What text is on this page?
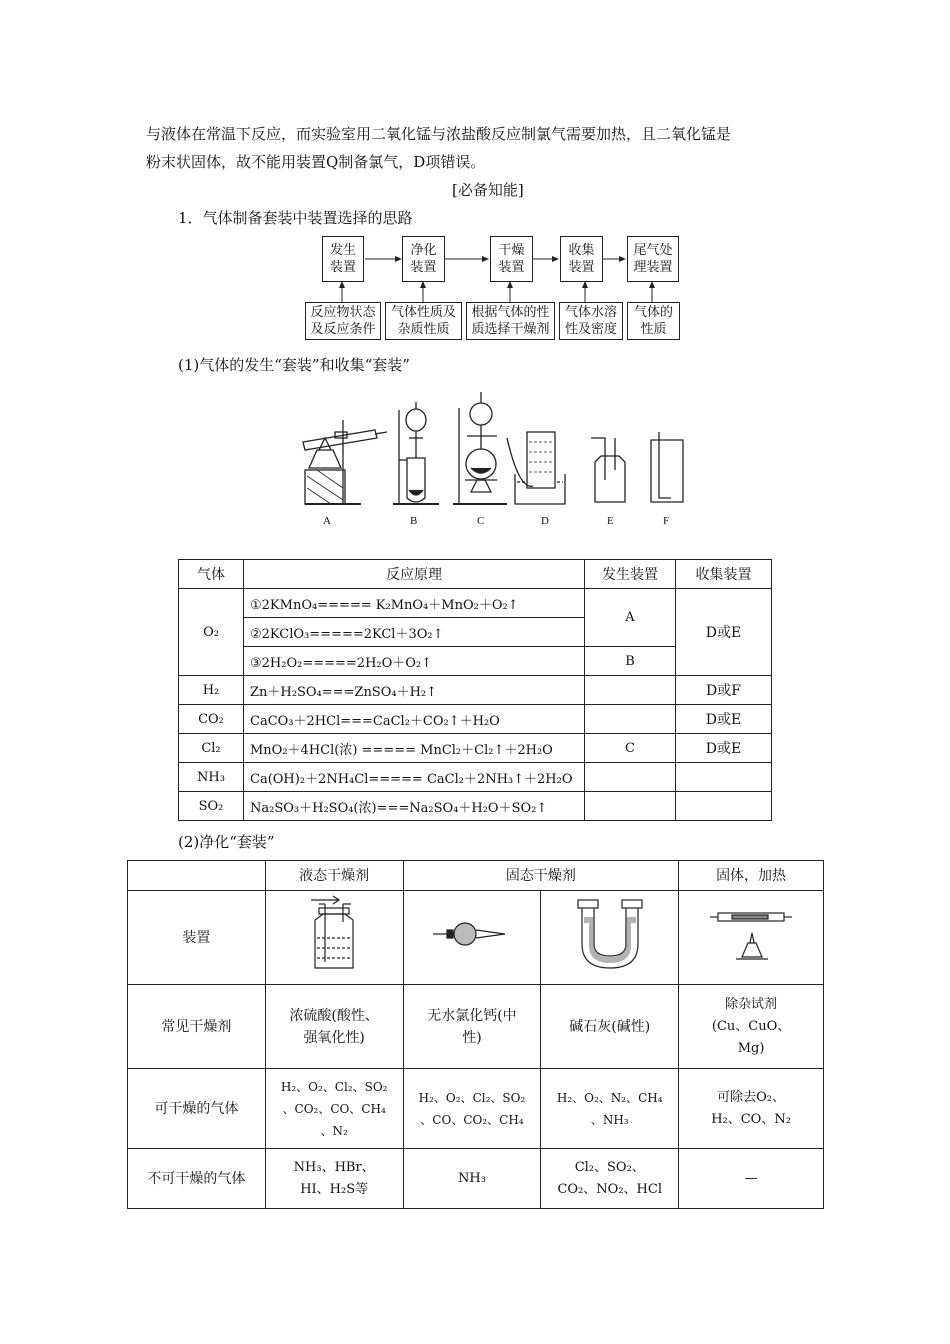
与液体在常温下反应，而实验室用二氧化锰与浓盐酸反应制氯气需要加热，且二氧化锰是
粉末状固体，故不能用装置Q制备氯气，D项错误。
[必备知能]
1．气体制备套装中装置选择的思路
发生
装置
净化
装置
干燥
装置
收集
装置
尾气处
理装置
反应物状态
及反应条件
气体性质及
杂质性质
根据气体的性
质选择干燥剂
气体水溶
性及密度
气体的
性质
(1)气体的发生“套装”和收集“套装”
A	B	C	D	E	F
气体	反应原理	发生装置	收集装置
O₂	①2KMnO₄===== K₂MnO₄＋MnO₂＋O₂↑	A	D或E
	②2KClO₃=====2KCl＋3O₂↑		
	③2H₂O₂=====2H₂O＋O₂↑	B	
H₂	Zn＋H₂SO₄===ZnSO₄＋H₂↑		D或F
CO₂	CaCO₃＋2HCl===CaCl₂＋CO₂↑＋H₂O		D或E
Cl₂	MnO₂＋4HCl(浓) ===== MnCl₂＋Cl₂↑＋2H₂O	C	D或E
NH₃	Ca(OH)₂＋2NH₄Cl===== CaCl₂＋2NH₃↑＋2H₂O		
SO₂	Na₂SO₃＋H₂SO₄(浓)===Na₂SO₄＋H₂O＋SO₂↑		
(2)净化“套装”
	液态干燥剂	固态干燥剂		固体，加热
装置				
常见干燥剂	浓硫酸(酸性、
强氧化性)	无水氯化钙(中
性)	碱石灰(碱性)	除杂试剂
(Cu、CuO、
Mg)
可干燥的气体	H₂、O₂、Cl₂、SO₂
、CO₂、CO、CH₄
、N₂	H₂、O₂、Cl₂、SO₂
、CO、CO₂、CH₄	H₂、O₂、N₂、CH₄
、NH₃	可除去O₂、
H₂、CO、N₂
不可干燥的气体	NH₃、HBr、
HI、H₂S等	NH₃	Cl₂、SO₂、
CO₂、NO₂、HCl	—
